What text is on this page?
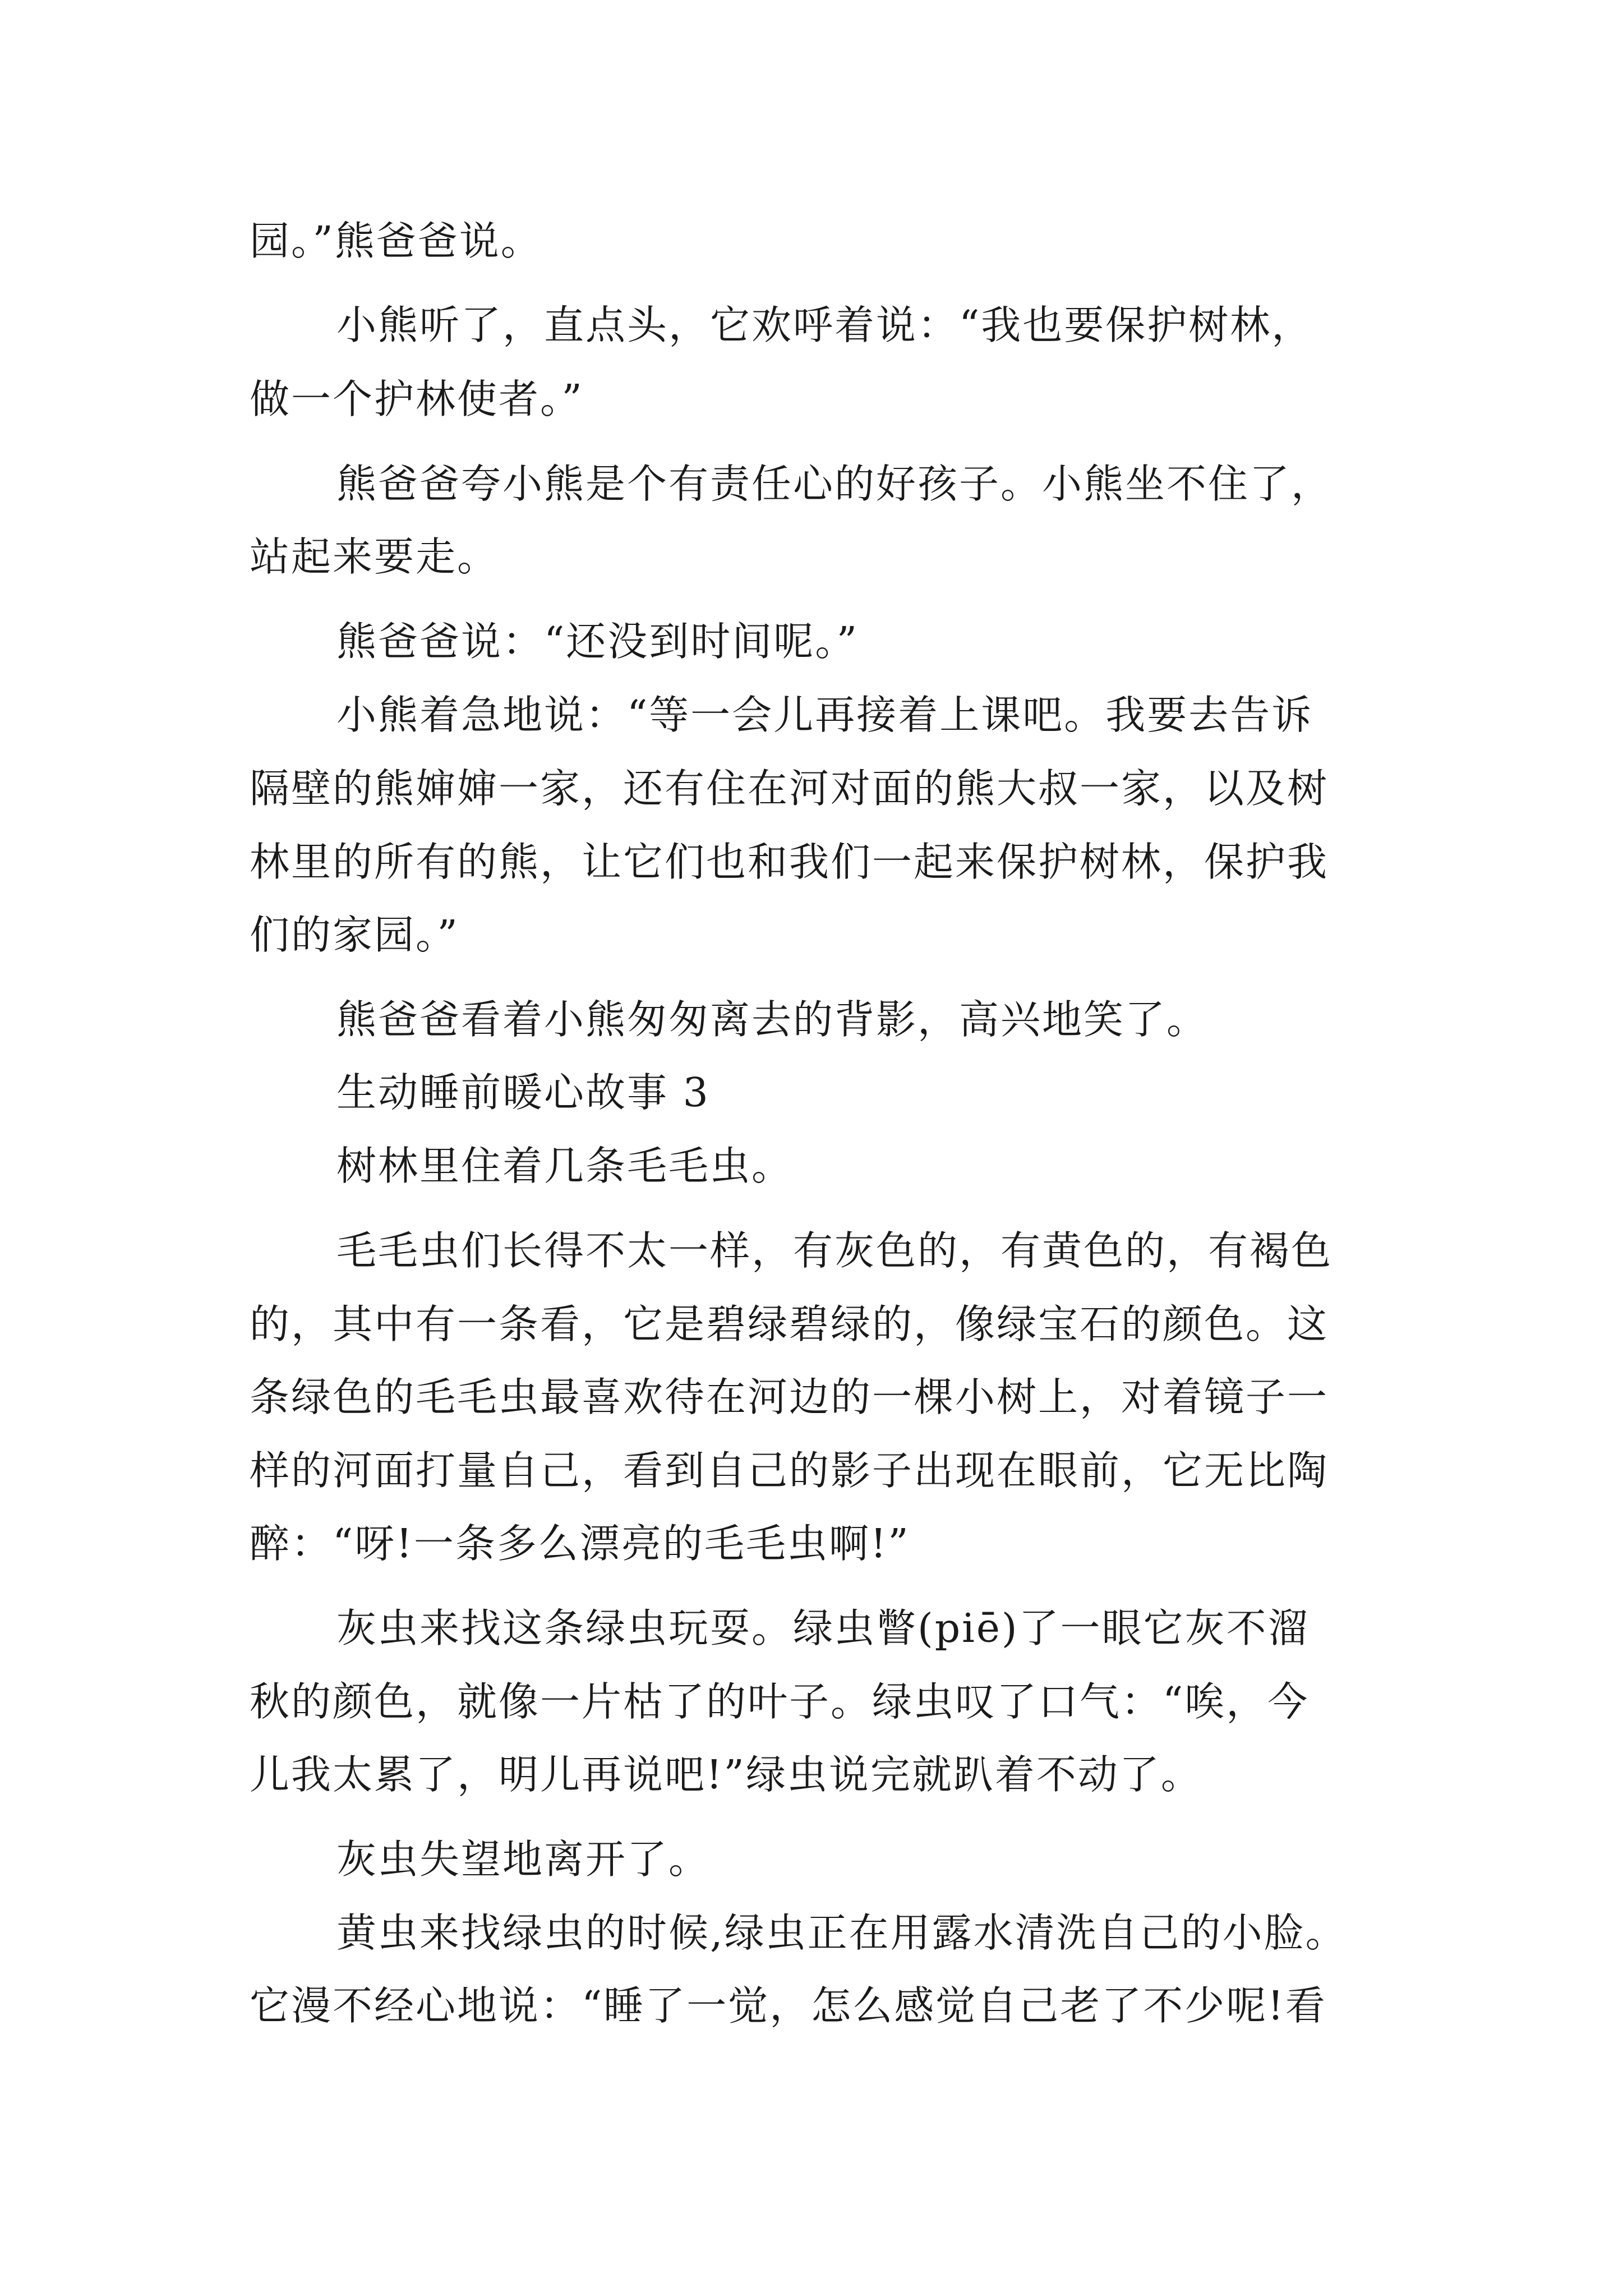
园。”熊爸爸说。

小熊听了，直点头，它欢呼着说：“我也要保护树林，

做一个护林使者。”

熊爸爸夸小熊是个有责任心的好孩子。小熊坐不住了，

站起来要走。

熊爸爸说：“还没到时间呢。”

小熊着急地说：“等一会儿再接着上课吧。我要去告诉

隔壁的熊婶婶一家，还有住在河对面的熊大叔一家，以及树

林里的所有的熊，让它们也和我们一起来保护树林，保护我

们的家园。”

熊爸爸看着小熊匆匆离去的背影，高兴地笑了。

生动睡前暖心故事 3

树林里住着几条毛毛虫。

毛毛虫们长得不太一样，有灰色的，有黄色的，有褐色

的，其中有一条看，它是碧绿碧绿的，像绿宝石的颜色。这

条绿色的毛毛虫最喜欢待在河边的一棵小树上，对着镜子一

样的河面打量自己，看到自己的影子出现在眼前，它无比陶

醉：“呀!一条多么漂亮的毛毛虫啊!”

灰虫来找这条绿虫玩耍。绿虫瞥(piē)了一眼它灰不溜

秋的颜色，就像一片枯了的叶子。绿虫叹了口气：“唉，今

儿我太累了，明儿再说吧!”绿虫说完就趴着不动了。

灰虫失望地离开了。

黄虫来找绿虫的时候,绿虫正在用露水清洗自己的小脸。

它漫不经心地说：“睡了一觉，怎么感觉自己老了不少呢!看
